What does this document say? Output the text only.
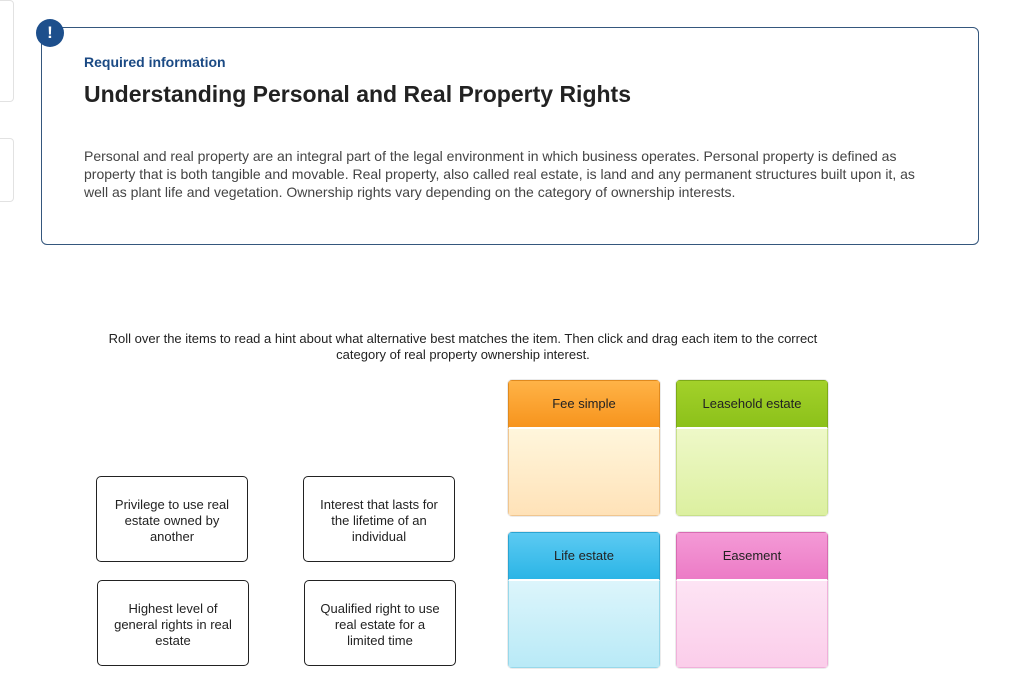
!
Required information
Understanding Personal and Real Property Rights
Personal and real property are an integral part of the legal environment in which business operates. Personal property is defined as property that is both tangible and movable. Real property, also called real estate, is land and any permanent structures built upon it, as well as plant life and vegetation. Ownership rights vary depending on the category of ownership interests.
Roll over the items to read a hint about what alternative best matches the item. Then click and drag each item to the correct category of real property ownership interest.
Privilege to use real estate owned by another
Interest that lasts for the lifetime of an individual
Highest level of general rights in real estate
Qualified right to use real estate for a limited time
Fee simple	Leasehold estate
Life estate	Easement
